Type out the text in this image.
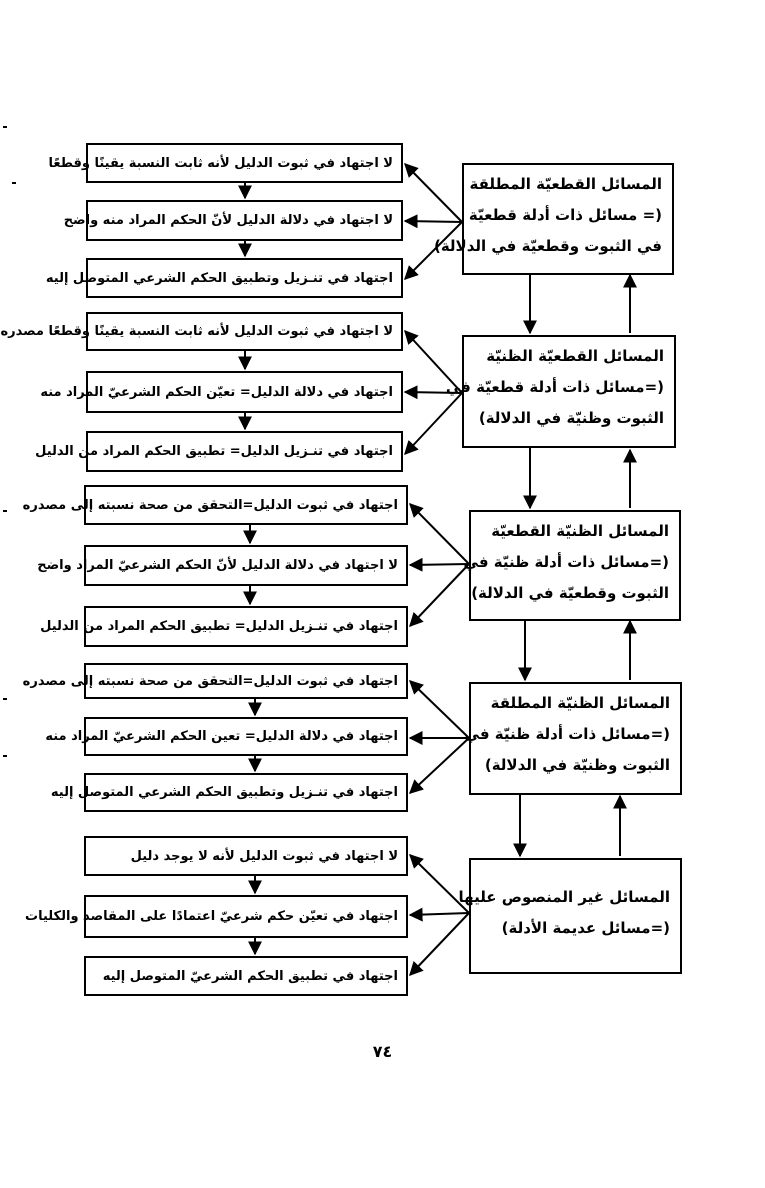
المسائل القطعيّة المطلقة
(= مسائل ذات أدلة قطعيّة
في الثبوت وقطعيّة في الدلالة)
المسائل القطعيّة الظنيّة
(=مسائل ذات أدلة قطعيّة في
الثبوت وظنيّة في الدلالة)
المسائل الظنيّة القطعيّة
(=مسائل ذات أدلة ظنيّة في
الثبوت وقطعيّة في الدلالة)
المسائل الظنيّة المطلقة
(=مسائل ذات أدلة ظنيّة في
الثبوت وظنيّة في الدلالة)
المسائل غير المنصوص عليها
(=مسائل عديمة الأدلة)
لا اجتهاد في ثبوت الدليل لأنه ثابت النسبة يقينًا وقطعًا
لا اجتهاد في دلالة الدليل لأنّ الحكم المراد منه واضح
اجتهاد في تنـزيل وتطبيق الحكم الشرعي المتوصل إليه
لا اجتهاد في ثبوت الدليل لأنه ثابت النسبة يقينًا وقطعًا مصدره
اجتهاد في دلالة الدليل= تعيّن الحكم الشرعيّ المراد منه
اجتهاد في تنـزيل الدليل= تطبيق الحكم المراد من الدليل
اجتهاد في ثبوت الدليل=التحقق من صحة نسبته إلى مصدره
لا اجتهاد في دلالة الدليل لأنّ الحكم الشرعيّ المراد واضح
اجتهاد في تنـزيل الدليل= تطبيق الحكم المراد من الدليل
اجتهاد في ثبوت الدليل=التحقق من صحة نسبته إلى مصدره
اجتهاد في دلالة الدليل= تعين الحكم الشرعيّ المراد منه
اجتهاد في تنـزيل وتطبيق الحكم الشرعي المتوصل إليه
لا اجتهاد في ثبوت الدليل لأنه لا يوجد دليل
اجتهاد في تعيّن حكم شرعيّ اعتمادًا على المقاصد والكليات
اجتهاد في تطبيق الحكم الشرعيّ المتوصل إليه
٧٤
